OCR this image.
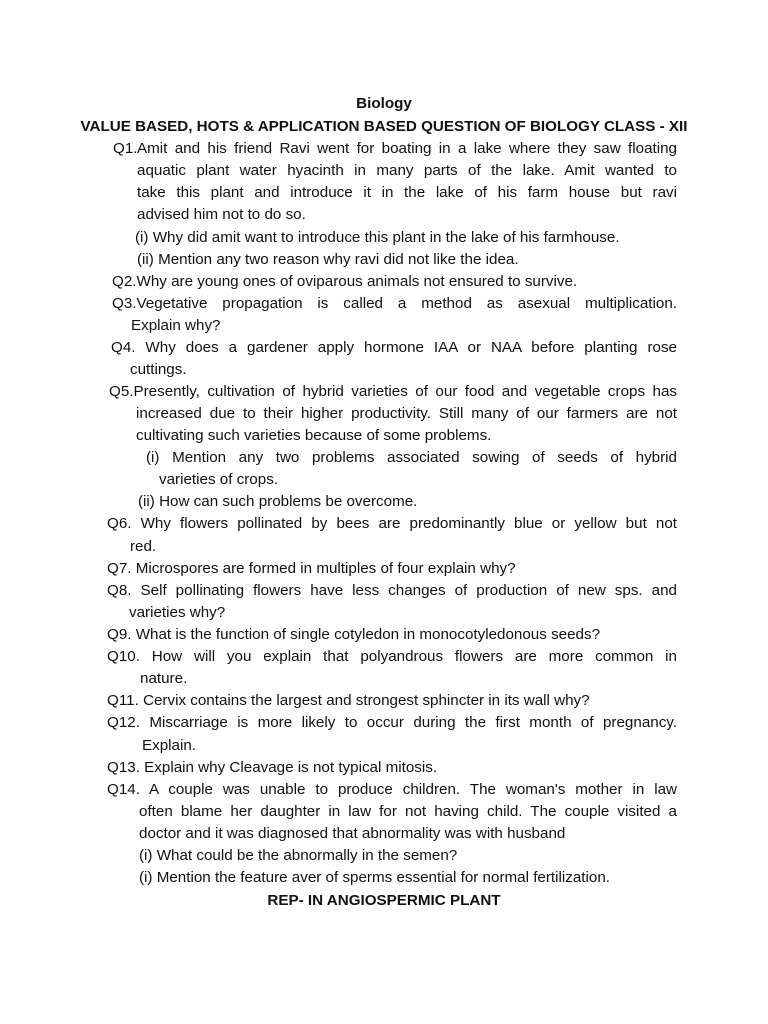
Biology
VALUE BASED, HOTS & APPLICATION BASED QUESTION OF BIOLOGY CLASS - XII
Q1. Amit and his friend Ravi went for boating in a lake where they saw floating
aquatic plant water hyacinth in many parts of the lake. Amit wanted to
take this plant and introduce it in the lake of his farm house but ravi
advised him not to do so.
(i) Why did amit want to introduce this plant in the lake of his farmhouse.
(ii) Mention any two reason why ravi did not like the idea.
Q2.Why are young ones of oviparous animals not ensured to survive.
Q3.Vegetative propagation is called a method as asexual multiplication.
Explain why?
Q4. Why does a gardener apply hormone IAA or NAA before planting rose
cuttings.
Q5.Presently, cultivation of hybrid varieties of our food and vegetable crops has
increased due to their higher productivity. Still many of our farmers are not
cultivating such varieties because of some problems.
(i) Mention any two problems associated sowing of seeds of hybrid
varieties of crops.
(ii) How can such problems be overcome.
Q6. Why flowers pollinated by bees are predominantly blue or yellow but not
red.
Q7. Microspores are formed in multiples of four explain why?
Q8. Self pollinating flowers have less changes of production of new sps. and
varieties why?
Q9. What is the function of single cotyledon in monocotyledonous seeds?
Q10. How will you explain that polyandrous flowers are more common in
nature.
Q11. Cervix contains the largest and strongest sphincter in its wall why?
Q12. Miscarriage is more likely to occur during the first month of pregnancy.
Explain.
Q13. Explain why Cleavage is not typical mitosis.
Q14. A couple was unable to produce children. The woman's mother in law
often blame her daughter in law for not having child. The couple visited a
doctor and it was diagnosed that abnormality was with husband
(i) What could be the abnormally in the semen?
(i) Mention the feature aver of sperms essential for normal fertilization.
REP- IN ANGIOSPERMIC PLANT
